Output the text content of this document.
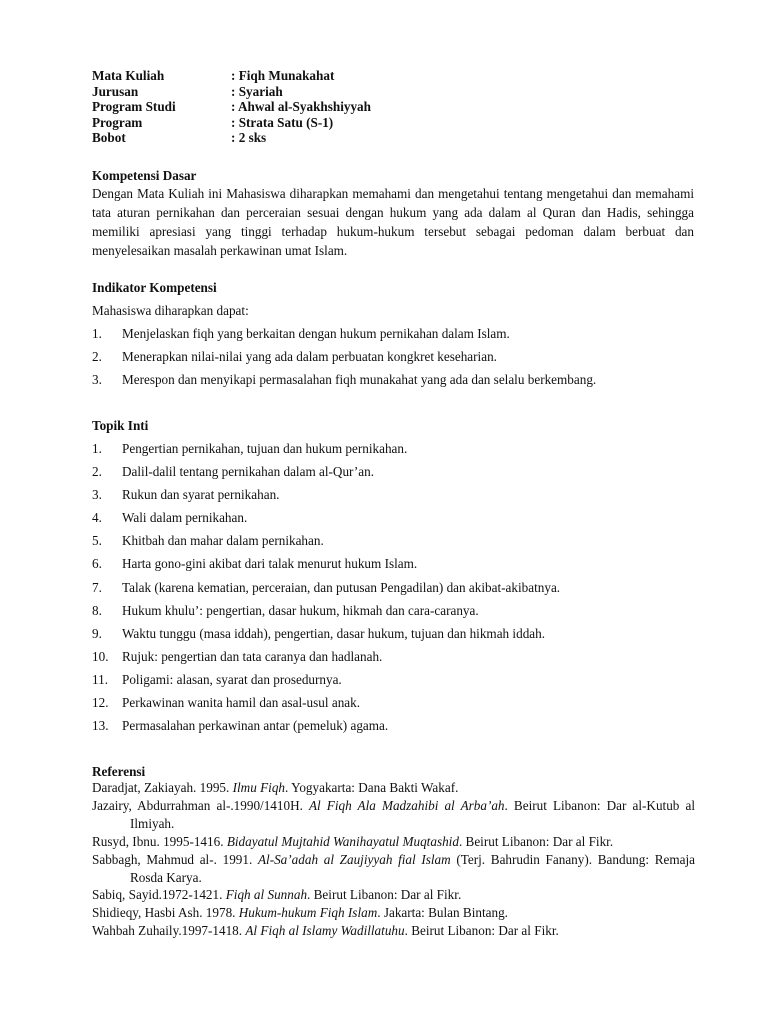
Mata Kuliah	: Fiqh Munakahat
Jurusan	: Syariah
Program Studi	: Ahwal al-Syakhshiyyah
Program	: Strata Satu (S-1)
Bobot	: 2 sks
Kompetensi Dasar
Dengan Mata Kuliah ini Mahasiswa diharapkan memahami dan mengetahui tentang mengetahui dan memahami tata aturan pernikahan dan perceraian sesuai dengan hukum yang ada dalam al Quran dan Hadis, sehingga memiliki apresiasi yang tinggi terhadap hukum-hukum tersebut sebagai pedoman dalam berbuat dan menyelesaikan masalah perkawinan umat Islam.
Indikator Kompetensi
Mahasiswa diharapkan dapat:
1.	Menjelaskan fiqh yang berkaitan dengan hukum pernikahan dalam Islam.
2.	Menerapkan nilai-nilai yang ada dalam perbuatan kongkret keseharian.
3.	Merespon dan menyikapi permasalahan fiqh munakahat yang ada dan selalu berkembang.
Topik Inti
1.	Pengertian pernikahan, tujuan dan hukum pernikahan.
2.	Dalil-dalil tentang pernikahan dalam al-Qur’an.
3.	Rukun dan syarat pernikahan.
4.	Wali dalam pernikahan.
5.	Khitbah dan mahar dalam pernikahan.
6.	Harta gono-gini akibat dari talak menurut hukum Islam.
7.	Talak (karena kematian, perceraian, dan putusan Pengadilan) dan akibat-akibatnya.
8.	Hukum khulu’: pengertian, dasar hukum, hikmah dan cara-caranya.
9.	Waktu tunggu (masa iddah), pengertian, dasar hukum, tujuan dan hikmah iddah.
10.	Rujuk: pengertian dan tata caranya dan hadlanah.
11.	Poligami: alasan, syarat dan prosedurnya.
12.	Perkawinan wanita hamil dan asal-usul anak.
13.	Permasalahan perkawinan antar (pemeluk) agama.
Referensi
Daradjat, Zakiayah. 1995. Ilmu Fiqh. Yogyakarta: Dana Bakti Wakaf.
Jazairy, Abdurrahman al-.1990/1410H. Al Fiqh Ala Madzahibi al Arba’ah. Beirut Libanon: Dar al-Kutub al Ilmiyah.
Rusyd, Ibnu. 1995-1416. Bidayatul Mujtahid Wanihayatul Muqtashid. Beirut Libanon: Dar al Fikr.
Sabbagh, Mahmud al-. 1991. Al-Sa’adah al Zaujiyyah fial Islam (Terj. Bahrudin Fanany). Bandung: Remaja Rosda Karya.
Sabiq, Sayid.1972-1421. Fiqh al Sunnah. Beirut Libanon: Dar al Fikr.
Shidieqy, Hasbi Ash. 1978. Hukum-hukum Fiqh Islam. Jakarta: Bulan Bintang.
Wahbah Zuhaily.1997-1418. Al Fiqh al Islamy Wadillatuhu. Beirut Libanon: Dar al Fikr.
